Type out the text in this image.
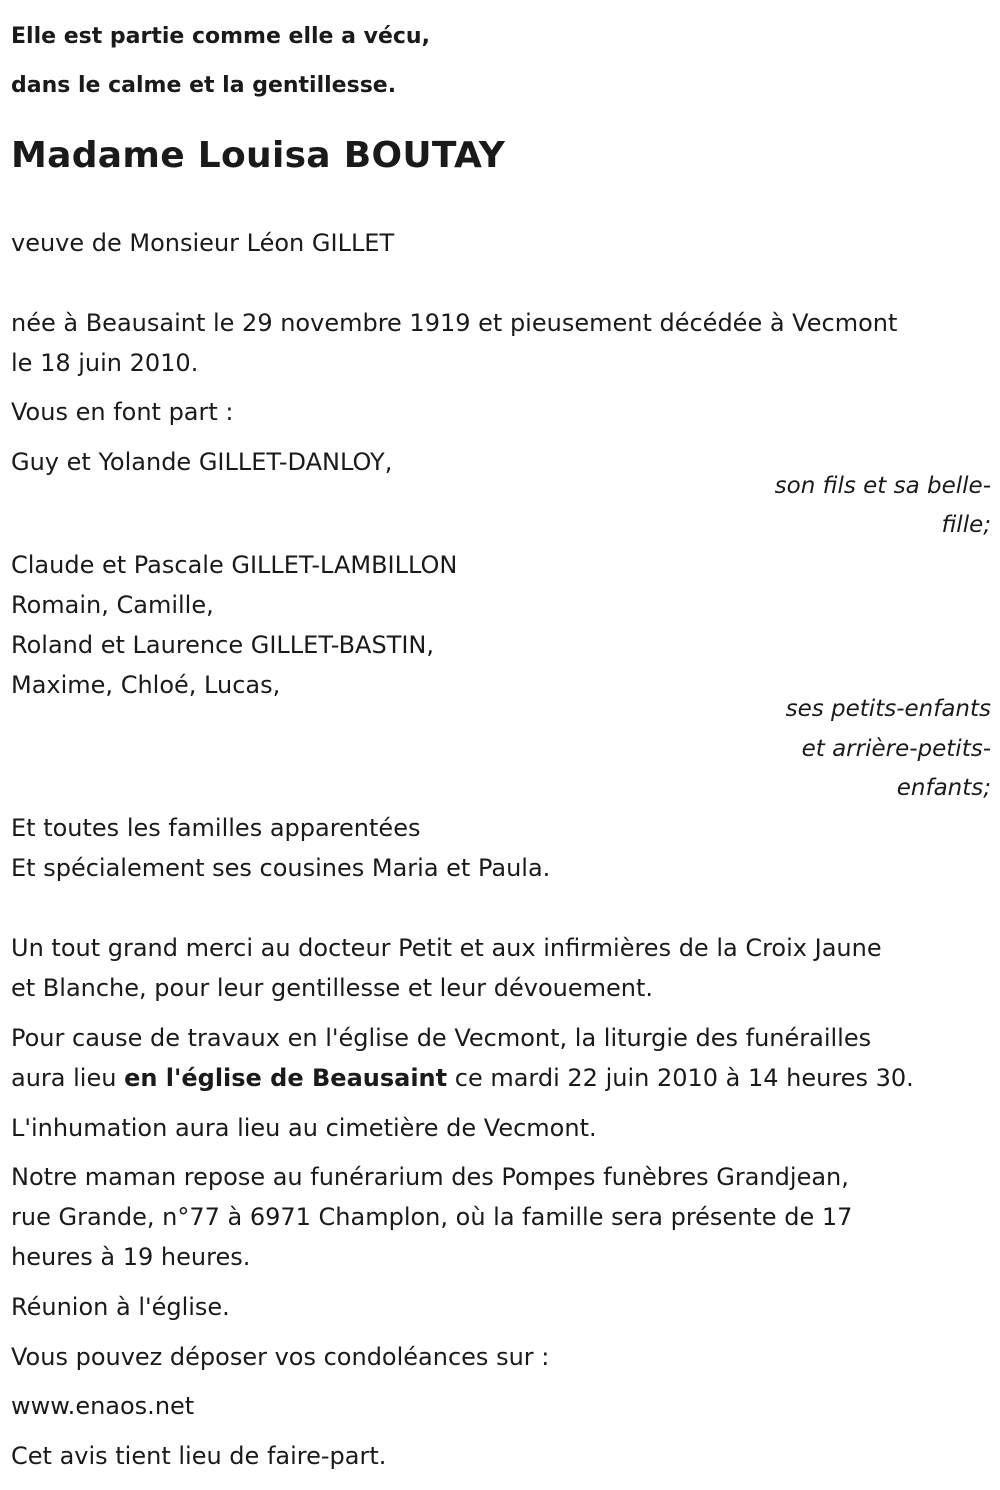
Elle est partie comme elle a vécu,
dans le calme et la gentillesse.
Madame Louisa BOUTAY
veuve de Monsieur Léon GILLET
née à Beausaint le 29 novembre 1919 et pieusement décédée à Vecmont
le 18 juin 2010.
Vous en font part :
Guy et Yolande GILLET-DANLOY,
son fils et sa belle-
fille;
Claude et Pascale GILLET-LAMBILLON
Romain, Camille,
Roland et Laurence GILLET-BASTIN,
Maxime, Chloé, Lucas,
ses petits-enfants
et arrière-petits-
enfants;
Et toutes les familles apparentées
Et spécialement ses cousines Maria et Paula.
Un tout grand merci au docteur Petit et aux infirmières de la Croix Jaune
et Blanche, pour leur gentillesse et leur dévouement.
Pour cause de travaux en l'église de Vecmont, la liturgie des funérailles
aura lieu en l'église de Beausaint ce mardi 22 juin 2010 à 14 heures 30.
L'inhumation aura lieu au cimetière de Vecmont.
Notre maman repose au funérarium des Pompes funèbres Grandjean,
rue Grande, n°77 à 6971 Champlon, où la famille sera présente de 17
heures à 19 heures.
Réunion à l'église.
Vous pouvez déposer vos condoléances sur :
www.enaos.net
Cet avis tient lieu de faire-part.
